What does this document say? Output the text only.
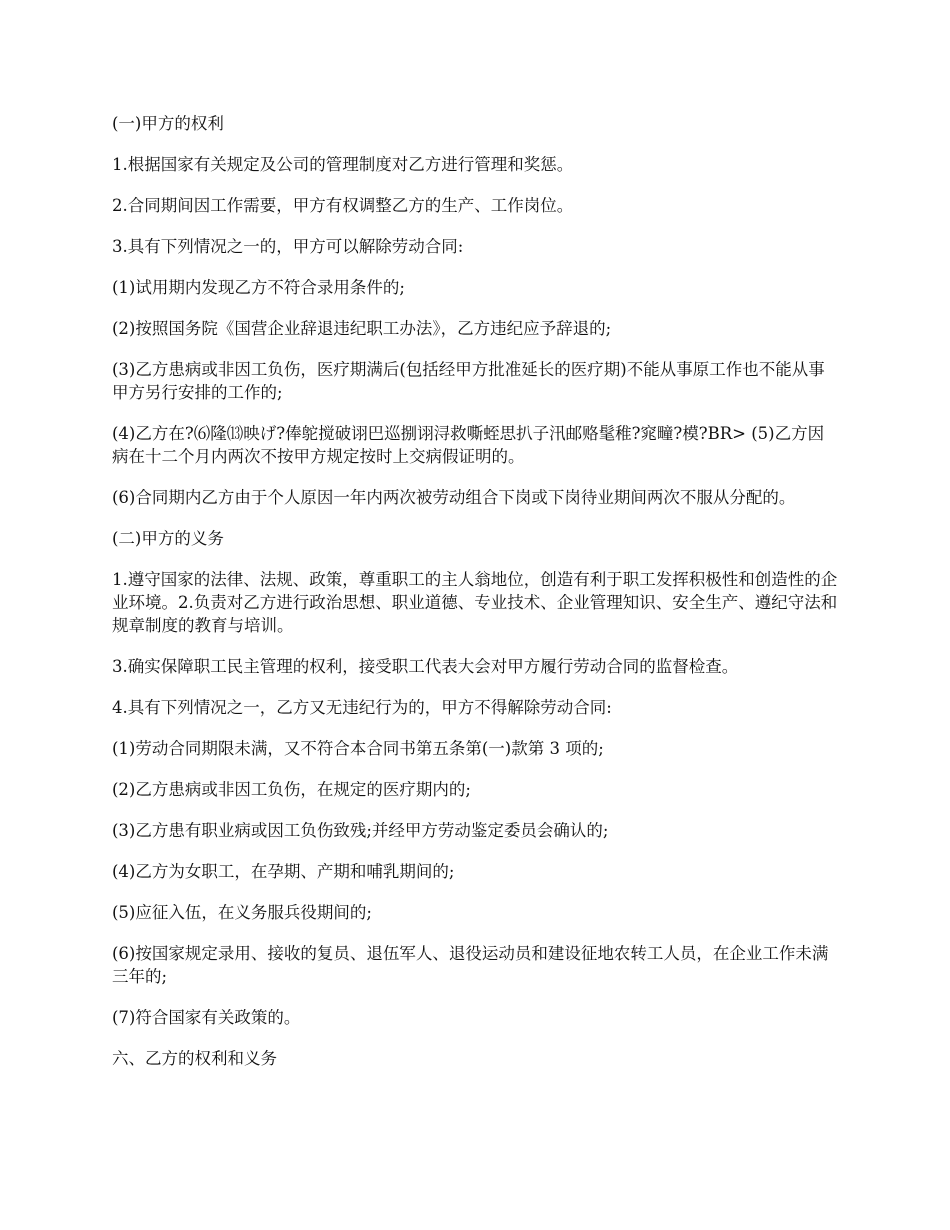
(一)甲方的权利

1.根据国家有关规定及公司的管理制度对乙方进行管理和奖惩。

2.合同期间因工作需要，甲方有权调整乙方的生产、工作岗位。

3.具有下列情况之一的，甲方可以解除劳动合同:

(1)试用期内发现乙方不符合录用条件的;

(2)按照国务院《国营企业辞退违纪职工办法》，乙方违纪应予辞退的;

(3)乙方患病或非因工负伤，医疗期满后(包括经甲方批准延长的医疗期)不能从事原工作也不能从事甲方另行安排的工作的;

(4)乙方在?⑹隆⒀映げ?俸鸵搅破诩巴巡捌诩浔救嘶蛭思扒子汛邮赂髦稚?窕疃?模?BR> (5)乙方因病在十二个月内两次不按甲方规定按时上交病假证明的。

(6)合同期内乙方由于个人原因一年内两次被劳动组合下岗或下岗待业期间两次不服从分配的。

(二)甲方的义务

1.遵守国家的法律、法规、政策，尊重职工的主人翁地位，创造有利于职工发挥积极性和创造性的企业环境。2.负责对乙方进行政治思想、职业道德、专业技术、企业管理知识、安全生产、遵纪守法和规章制度的教育与培训。

3.确实保障职工民主管理的权利，接受职工代表大会对甲方履行劳动合同的监督检查。

4.具有下列情况之一，乙方又无违纪行为的，甲方不得解除劳动合同:

(1)劳动合同期限未满，又不符合本合同书第五条第(一)款第 3 项的;

(2)乙方患病或非因工负伤，在规定的医疗期内的;

(3)乙方患有职业病或因工负伤致残;并经甲方劳动鉴定委员会确认的;

(4)乙方为女职工，在孕期、产期和哺乳期间的;

(5)应征入伍，在义务服兵役期间的;

(6)按国家规定录用、接收的复员、退伍军人、退役运动员和建设征地农转工人员，在企业工作未满三年的;

(7)符合国家有关政策的。

六、乙方的权利和义务
